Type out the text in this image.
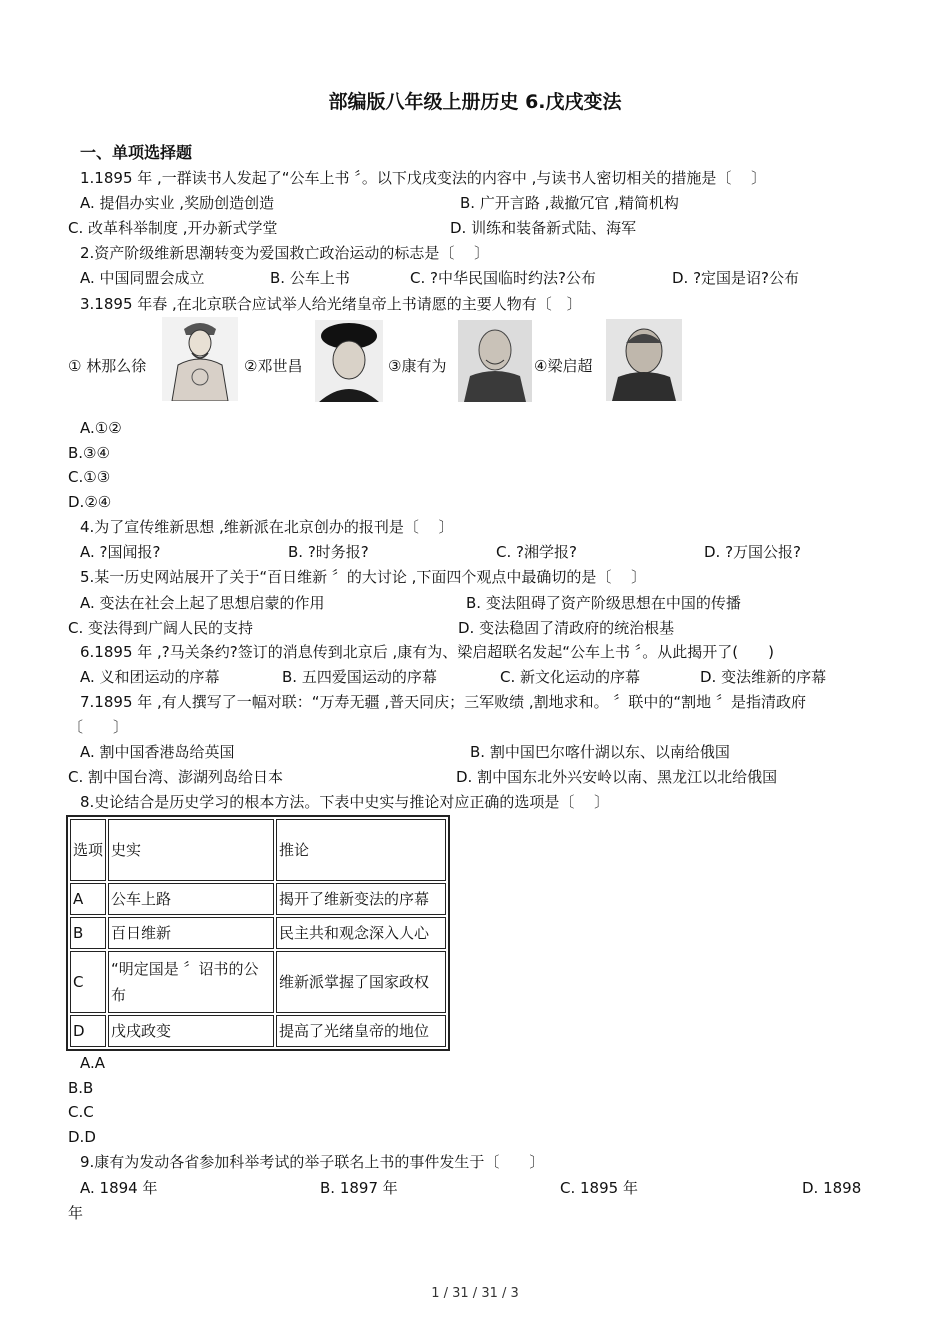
部编版八年级上册历史 6.戊戌变法
一、单项选择题
1.1895 年 ,一群读书人发起了“公车上书 〞。以下戊戌变法的内容中 ,与读书人密切相关的措施是〔　 〕
A. 提倡办实业 ,奖励创造创造	B. 广开言路 ,裁撤冗官 ,精简机构
C. 改革科举制度 ,开办新式学堂	D. 训练和装备新式陆、海军
2.资产阶级维新思潮转变为爱国救亡政治运动的标志是〔　 〕
A. 中国同盟会成立	B. 公车上书	C. ?中华民国临时约法?公布	D. ?定国是诏?公布
3.1895 年春 ,在北京联合应试举人给光绪皇帝上书请愿的主要人物有〔　〕
① 林那么徐	②邓世昌	③康有为	④梁启超
A.①②
B.③④
C.①③
D.②④
4.为了宣传维新思想 ,维新派在北京创办的报刊是〔　 〕
A. ?国闻报?	B. ?时务报?	C. ?湘学报?	D. ?万国公报?
5.某一历史网站展开了关于“百日维新 〞的大讨论 ,下面四个观点中最确切的是〔　 〕
A. 变法在社会上起了思想启蒙的作用	B. 变法阻碍了资产阶级思想在中国的传播
C. 变法得到广阔人民的支持	D. 变法稳固了清政府的统治根基
6.1895 年 ,?马关条约?签订的消息传到北京后 ,康有为、梁启超联名发起“公车上书 〞。从此揭开了(　　)
A. 义和团运动的序幕	B. 五四爱国运动的序幕	C. 新文化运动的序幕	D. 变法维新的序幕
7.1895 年 ,有人撰写了一幅对联：“万寿无疆 ,普天同庆；三军败绩 ,割地求和。 〞联中的“割地 〞是指清政府
〔　　〕
A. 割中国香港岛给英国	B. 割中国巴尔喀什湖以东、以南给俄国
C. 割中国台湾、澎湖列岛给日本	D. 割中国东北外兴安岭以南、黑龙江以北给俄国
8.史论结合是历史学习的根本方法。下表中史实与推论对应正确的选项是〔　 〕
选项	史实	推论
A	公车上路	揭开了维新变法的序幕
B	百日维新	民主共和观念深入人心
C	“明定国是 〞诏书的公布	维新派掌握了国家政权
D	戊戌政变	提高了光绪皇帝的地位
A.A
B.B
C.C
D.D
9.康有为发动各省参加科举考试的举子联名上书的事件发生于〔　　〕
A. 1894 年	B. 1897 年	C. 1895 年	D. 1898
年
1 / 31 / 31 / 3
